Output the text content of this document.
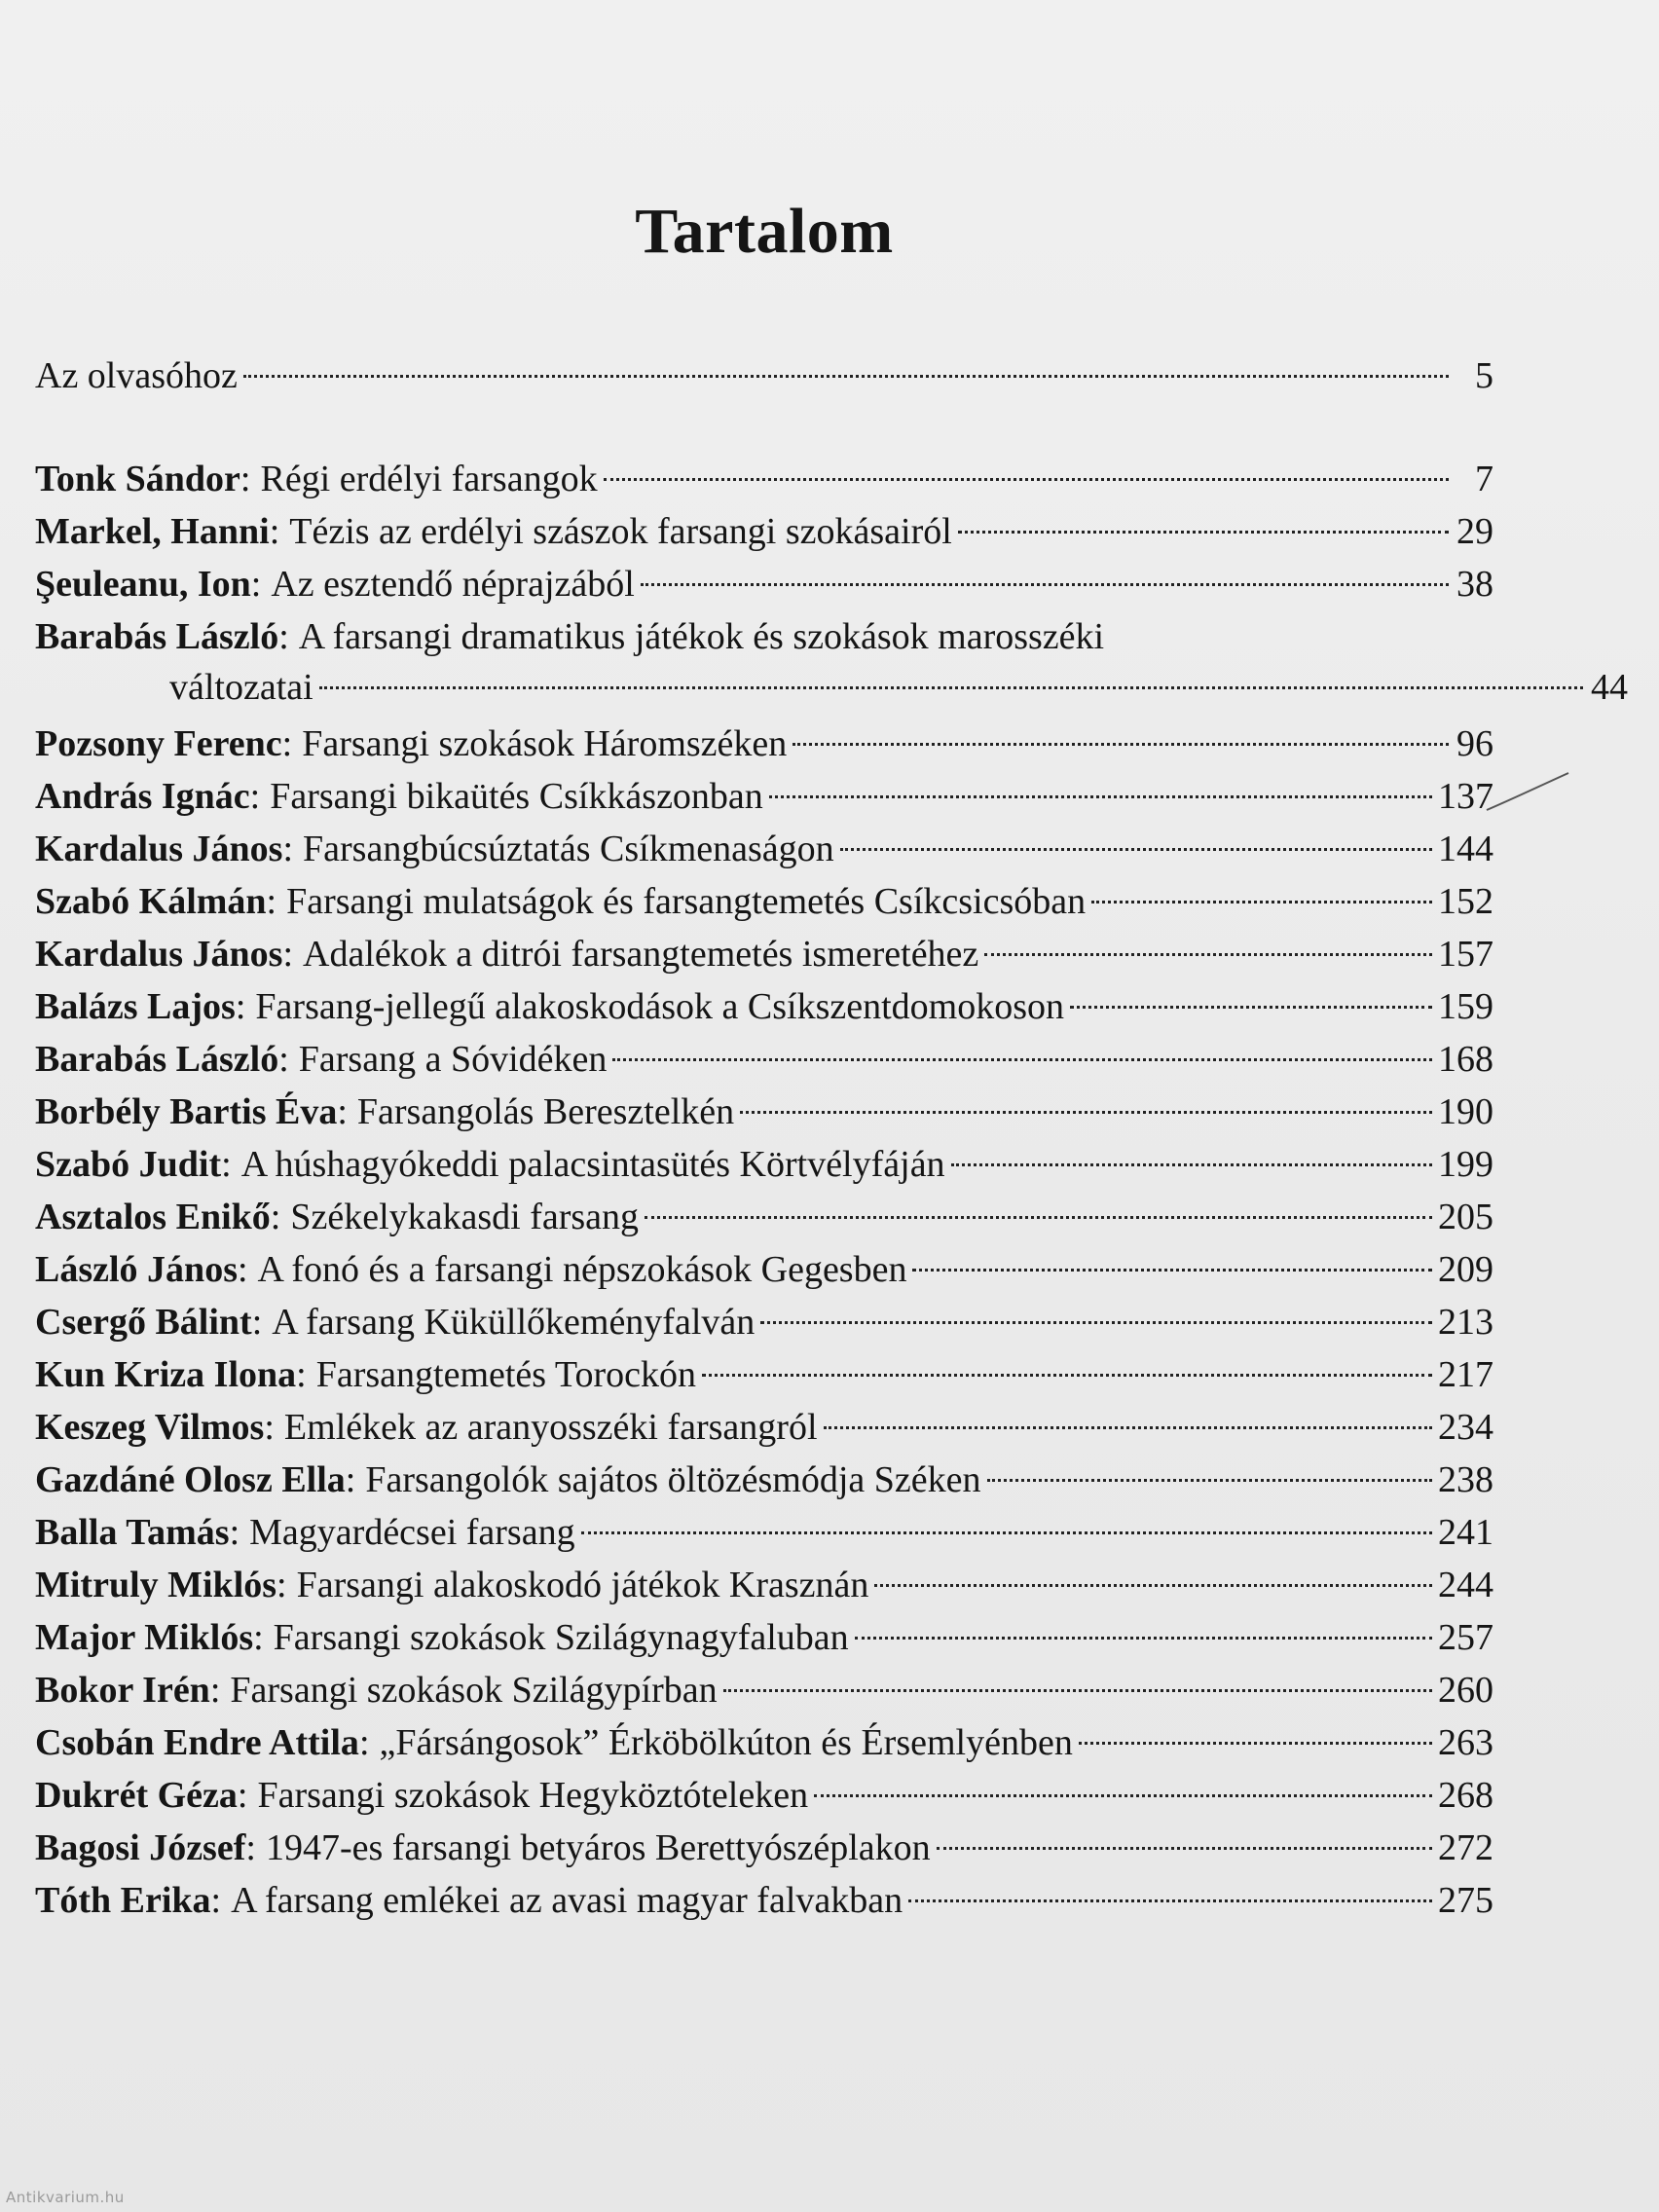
Tartalom
Az olvasóhoz	5
Tonk Sándor : Régi erdélyi farsangok	7
Markel, Hanni : Tézis az erdélyi szászok farsangi szokásairól	29
Şeuleanu, Ion : Az esztendő néprajzából	38
Barabás László : A farsangi dramatikus játékok és szokások marosszéki
változatai	44
Pozsony Ferenc : Farsangi szokások Háromszéken	96
András Ignác : Farsangi bikaütés Csíkkászonban	137
Kardalus János : Farsangbúcsúztatás Csíkmenaságon	144
Szabó Kálmán : Farsangi mulatságok és farsangtemetés Csíkcsicsóban	152
Kardalus János : Adalékok a ditrói farsangtemetés ismeretéhez	157
Balázs Lajos : Farsang-jellegű alakoskodások a Csíkszentdomokoson	159
Barabás László : Farsang a Sóvidéken	168
Borbély Bartis Éva : Farsangolás Beresztelkén	190
Szabó Judit : A húshagyókeddi palacsintasütés Körtvélyfáján	199
Asztalos Enikő : Székelykakasdi farsang	205
László János : A fonó és a farsangi népszokások Gegesben	209
Csergő Bálint : A farsang Küküllőkeményfalván	213
Kun Kriza Ilona : Farsangtemetés Torockón	217
Keszeg Vilmos : Emlékek az aranyosszéki farsangról	234
Gazdáné Olosz Ella : Farsangolók sajátos öltözésmódja Széken	238
Balla Tamás : Magyardécsei farsang	241
Mitruly Miklós : Farsangi alakoskodó játékok Krasznán	244
Major Miklós : Farsangi szokások Szilágynagyfaluban	257
Bokor Irén : Farsangi szokások Szilágypírban	260
Csobán Endre Attila : „Fársángosok” Érköbölkúton és Érsemlyénben	263
Dukrét Géza : Farsangi szokások Hegyköztóteleken	268
Bagosi József : 1947-es farsangi betyáros Berettyószéplakon	272
Tóth Erika : A farsang emlékei az avasi magyar falvakban	275
Antikvarium.hu
